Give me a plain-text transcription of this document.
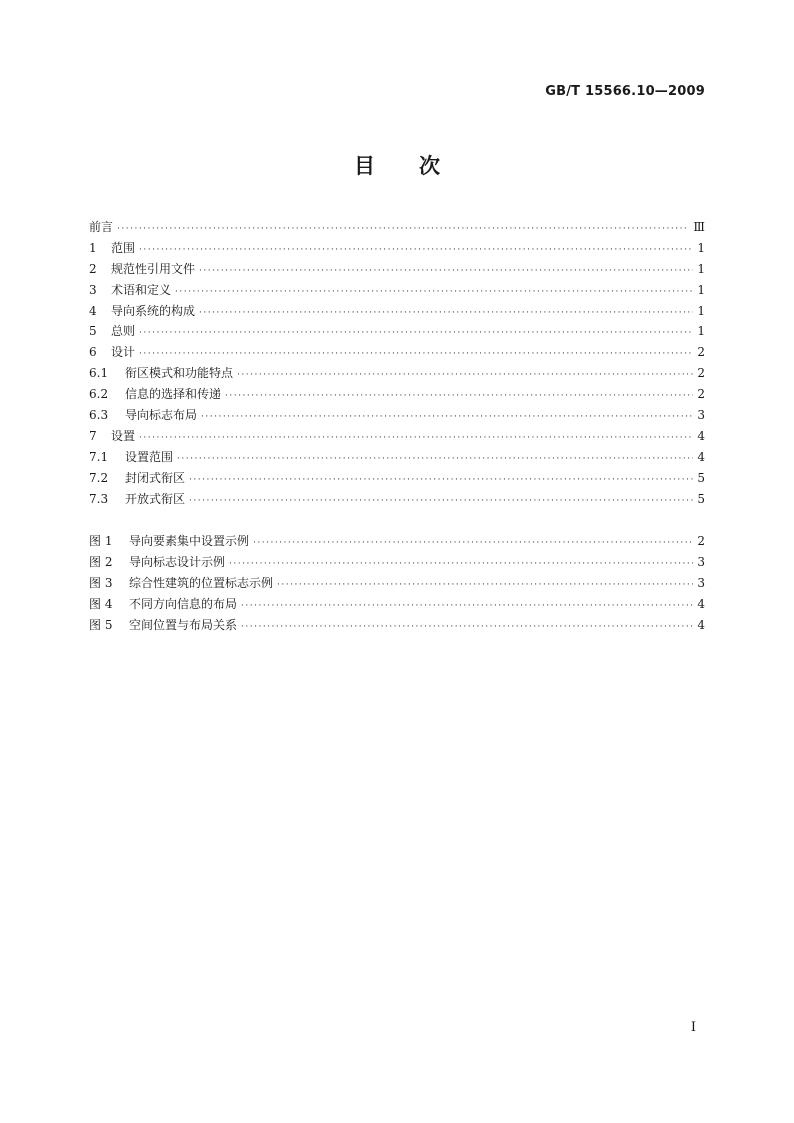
GB/T 15566.10—2009
目 次
前言 ·····	Ⅲ
1	范围 ·····	1
2	规范性引用文件 ·····	1
3	术语和定义 ·····	1
4	导向系统的构成 ·····	1
5	总则 ·····	1
6	设计 ·····	2
6.1	衔区模式和功能特点 ·····	2
6.2	信息的选择和传递 ·····	2
6.3	导向标志布局 ·····	3
7	设置 ·····	4
7.1	设置范围 ·····	4
7.2	封闭式衔区 ·····	5
7.3	开放式衔区 ·····	5
图 1	导向要素集中设置示例 ·····	2
图 2	导向标志设计示例 ·····	3
图 3	综合性建筑的位置标志示例 ·····	3
图 4	不同方向信息的布局 ·····	4
图 5	空间位置与布局关系 ·····	4
I
